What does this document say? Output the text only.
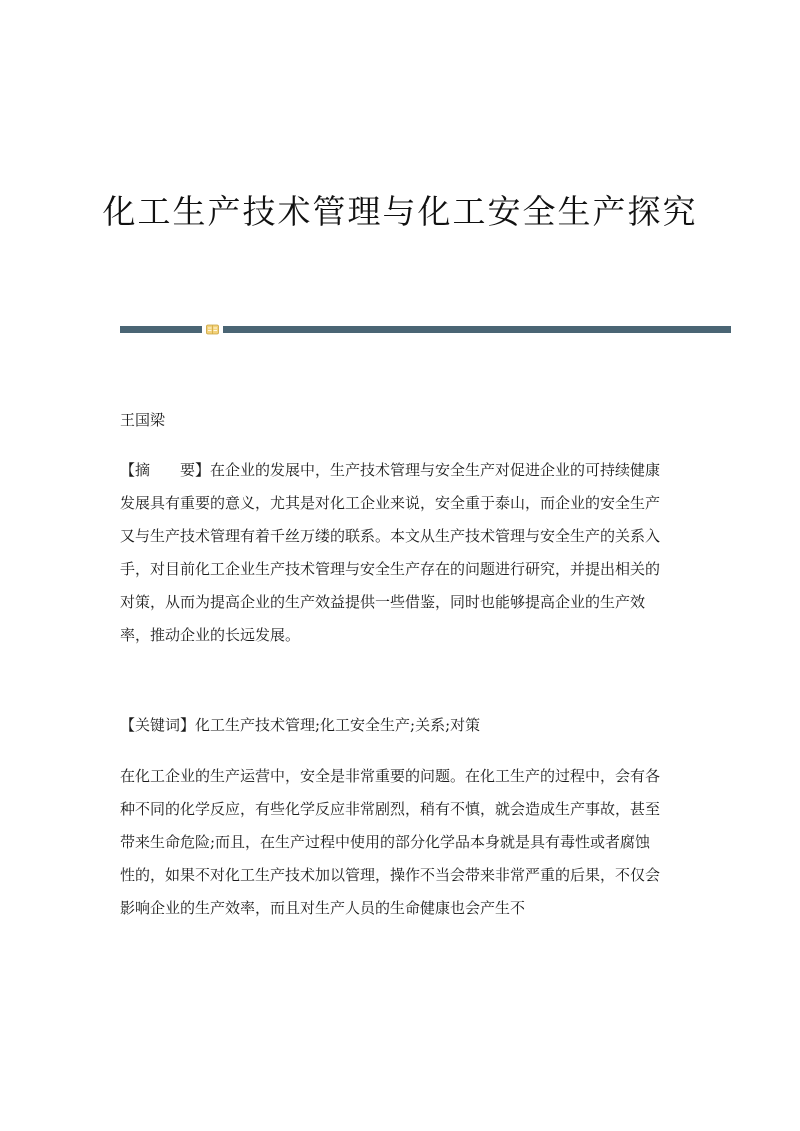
化工生产技术管理与化工安全生产探究

王国梁

【摘　　要】在企业的发展中，生产技术管理与安全生产对促进企业的可持续健康发展具有重要的意义，尤其是对化工企业来说，安全重于泰山，而企业的安全生产又与生产技术管理有着千丝万缕的联系。本文从生产技术管理与安全生产的关系入手，对目前化工企业生产技术管理与安全生产存在的问题进行研究，并提出相关的对策，从而为提高企业的生产效益提供一些借鉴，同时也能够提高企业的生产效率，推动企业的长远发展。

【关键词】化工生产技术管理;化工安全生产;关系;对策

在化工企业的生产运营中，安全是非常重要的问题。在化工生产的过程中，会有各种不同的化学反应，有些化学反应非常剧烈，稍有不慎，就会造成生产事故，甚至带来生命危险;而且，在生产过程中使用的部分化学品本身就是具有毒性或者腐蚀性的，如果不对化工生产技术加以管理，操作不当会带来非常严重的后果，不仅会影响企业的生产效率，而且对生产人员的生命健康也会产生不
